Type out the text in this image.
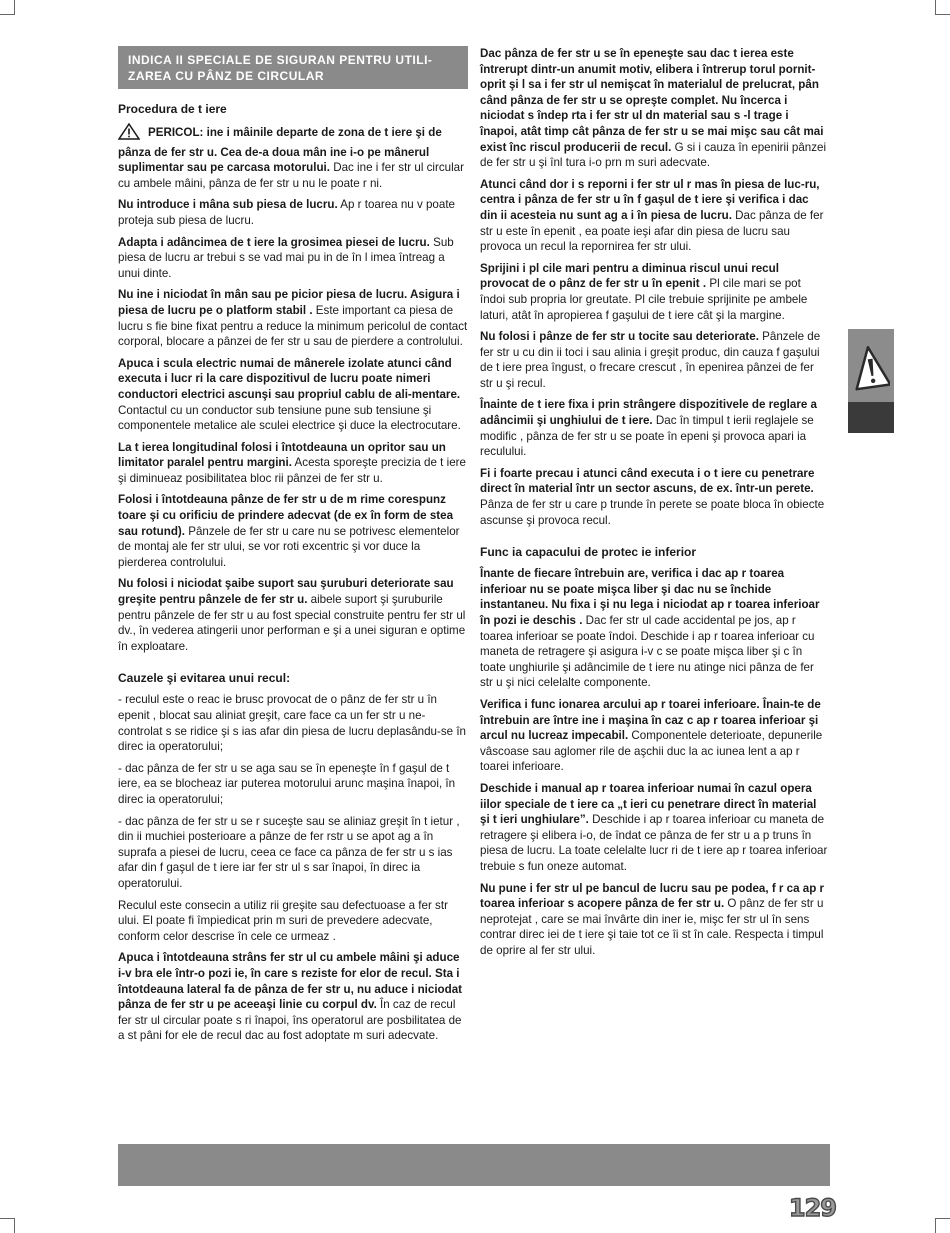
INDICA II SPECIALE DE SIGURAN PENTRU UTILI-ZAREA CU PÂNZ DE CIRCULAR
Procedura de t iere

PERICOL: ine i mâinile departe de zona de t iere şi de pânza de fer str u. Cea de-a doua mân ine i-o pe mânerul suplimentar sau pe carcasa motorului. Dac ine i fer str ul circular cu ambele mâini, pânza de fer str u nu le poate r ni.

Nu introduce i mâna sub piesa de lucru. Ap r toarea nu v poate proteja sub piesa de lucru.

Adapta i adâncimea de t iere la grosimea piesei de lucru. Sub piesa de lucru ar trebui s se vad mai pu in de în l imea întreag a unui dinte.

Nu ine i niciodat în mân sau pe picior piesa de lucru. Asigura i piesa de lucru pe o platform stabil . Este important ca piesa de lucru s fie bine fixat pentru a reduce la minimum pericolul de contact corporal, blocare a pânzei de fer str u sau de pierdere a controlului.

Apuca i scula electric numai de mânerele izolate atunci când executa i lucr ri la care dispozitivul de lucru poate nimeri conductori electrici ascunşi sau propriul cablu de ali-mentare. Contactul cu un conductor sub tensiune pune sub tensiune şi componentele metalice ale sculei electrice şi duce la electrocutare.

La t ierea longitudinal folosi i întotdeauna un opritor sau un limitator paralel pentru margini. Acesta sporeşte precizia de t iere şi diminueaz posibilitatea bloc rii pânzei de fer str u.

Folosi i întotdeauna pânze de fer str u de m rime corespunz toare şi cu orificiu de prindere adecvat (de ex în form de stea sau rotund). Pânzele de fer str u care nu se potrivesc elementelor de montaj ale fer str ului, se vor roti excentric şi vor duce la pierderea controlului.

Nu folosi i niciodat şaibe suport sau şuruburi deteriorate sau greşite pentru pânzele de fer str u. aibele suport şi şuruburile pentru pânzele de fer str u au fost special construite pentru fer str ul dv., în vederea atingerii unor performan e şi a unei siguran e optime în exploatare.

Cauzele şi evitarea unui recul:

- reculul este o reac ie brusc provocat de o pânz de fer str u în epenit , blocat sau aliniat greşit, care face ca un fer str u ne-controlat s se ridice şi s ias afar din piesa de lucru deplasându-se în direc ia operatorului;

- dac pânza de fer str u se aga sau se în epeneşte în f gaşul de t iere, ea se blocheaz iar puterea motorului arunc maşina înapoi, în direc ia operatorului;

- dac pânza de fer str u se r suceşte sau se aliniaz greşit în t ietur , din ii muchiei posterioare a pânze de fer rstr u se apot ag a în suprafa a piesei de lucru, ceea ce face ca pânza de fer str u s ias afar din f gaşul de t iere iar fer str ul s sar înapoi, în direc ia operatorului.

Reculul este consecin a utiliz rii greşite sau defectuoase a fer str ului. El poate fi împiedicat prin m suri de prevedere adecvate, conform celor descrise în cele ce urmeaz .

Apuca i întotdeauna strâns fer str ul cu ambele mâini şi aduce i-v bra ele într-o pozi ie, în care s reziste for elor de recul. Sta i întotdeauna lateral fa de pânza de fer str u, nu aduce i niciodat pânza de fer str u pe aceeaşi linie cu corpul dv. În caz de recul fer str ul circular poate s ri înapoi, îns operatorul are posbilitatea de a st pâni for ele de recul dac au fost adoptate m suri adecvate.

Dac pânza de fer str u se în epeneşte sau dac t ierea este întrerupt dintr-un anumit motiv, elibera i întrerup torul pornit-oprit şi l sa i fer str ul nemişcat în materialul de prelucrat, pân când pânza de fer str u se opreşte complet. Nu încerca i niciodat s îndep rta i fer str ul dn material sau s -l trage i înapoi, atât timp cât pânza de fer str u se mai mişc sau cât mai exist înc riscul producerii de recul. G si i cauza în epenirii pânzei de fer str u şi înl tura i-o prn m suri adecvate.

Atunci când dor i s reporni i fer str ul r mas în piesa de luc-ru, centra i pânza de fer str u în f gaşul de t iere şi verifica i dac din ii acesteia nu sunt ag a i în piesa de lucru. Dac pânza de fer str u este în epenit , ea poate ieşi afar din piesa de lucru sau provoca un recul la repornirea fer str ului.

Sprijini i pl cile mari pentru a diminua riscul unui recul provocat de o pânz de fer str u în epenit . Pl cile mari se pot îndoi sub propria lor greutate. Pl cile trebuie sprijinite pe ambele laturi, atât în apropierea f gaşului de t iere cât şi la margine.

Nu folosi i pânze de fer str u tocite sau deteriorate. Pânzele de fer str u cu din ii toci i sau alinia i greşit produc, din cauza f gaşului de t iere prea îngust, o frecare crescut , în epenirea pânzei de fer str u şi recul.

Înainte de t iere fixa i prin strângere dispozitivele de reglare a adâncimii şi unghiului de t iere. Dac în timpul t ierii reglajele se modific , pânza de fer str u se poate în epeni şi provoca apari ia reculului.

Fi i foarte precau i atunci când executa i o t iere cu penetrare direct în material într un sector ascuns, de ex. într-un perete. Pânza de fer str u care p trunde în perete se poate bloca în obiecte ascunse şi provoca recul.

Func ia capacului de protec ie inferior

Înante de fiecare întrebuin are, verifica i dac ap r toarea inferioar nu se poate mişca liber şi dac nu se închide instantaneu. Nu fixa i şi nu lega i niciodat ap r toarea inferioar în pozi ie deschis . Dac fer str ul cade accidental pe jos, ap r toarea inferioar se poate îndoi. Deschide i ap r toarea inferioar cu maneta de retragere şi asigura i-v c se poate mişca liber şi c în toate unghiurile şi adâncimile de t iere nu atinge nici pânza de fer str u şi nici celelalte componente.

Verifica i func ionarea arcului ap r toarei inferioare. Înain-te de întrebuin are între ine i maşina în caz c ap r toarea inferioar şi arcul nu lucreaz impecabil. Componentele deterioate, depunerile vâscoase sau aglomer rile de aşchii duc la ac iunea lent a ap r toarei inferioare.

Deschide i manual ap r toarea inferioar numai în cazul opera iilor speciale de t iere ca „t ieri cu penetrare direct în material şi t ieri unghiulare”. Deschide i ap r toarea inferioar cu maneta de retragere şi elibera i-o, de îndat ce pânza de fer str u a p truns în piesa de lucru. La toate celelalte lucr ri de t iere ap r toarea inferioar trebuie s fun oneze automat.

Nu pune i fer str ul pe bancul de lucru sau pe podea, f r ca ap r toarea inferioar s acopere pânza de fer str u. O pânz de fer str u neprotejat , care se mai învârte din iner ie, mişc fer str ul în sens contrar direc iei de t iere şi taie tot ce îi st în cale. Respecta i timpul de oprire al fer str ului.

129
